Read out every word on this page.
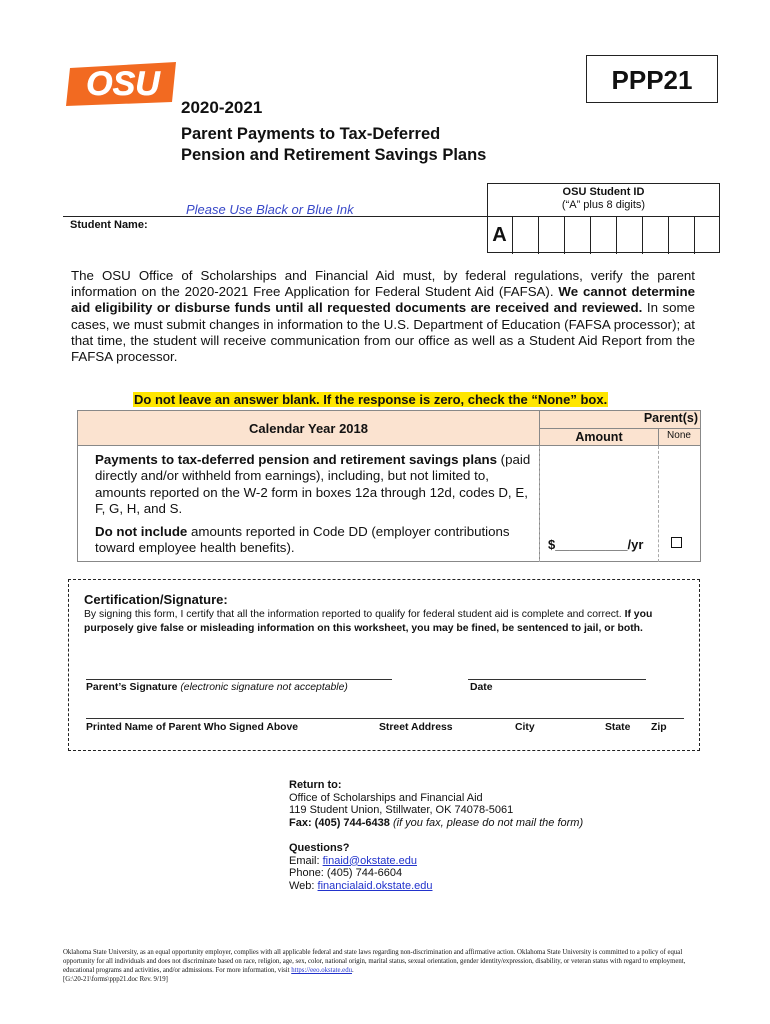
OSU	PPP21
2020-2021
Parent Payments to Tax-Deferred
Pension and Retirement Savings Plans
Please Use Black or Blue Ink
Student Name:
OSU Student ID
(“A” plus 8 digits)
A
The OSU Office of Scholarships and Financial Aid must, by federal regulations, verify the parent information on the 2020-2021 Free Application for Federal Student Aid (FAFSA). We cannot determine aid eligibility or disburse funds until all requested documents are received and reviewed. In some cases, we must submit changes in information to the U.S. Department of Education (FAFSA processor); at that time, the student will receive communication from our office as well as a Student Aid Report from the FAFSA processor.
Do not leave an answer blank. If the response is zero, check the “None” box.
Calendar Year 2018
Parent(s)
Amount	None
Payments to tax-deferred pension and retirement savings plans (paid directly and/or withheld from earnings), including, but not limited to, amounts reported on the W-2 form in boxes 12a through 12d, codes D, E, F, G, H, and S.
Do not include amounts reported in Code DD (employer contributions toward employee health benefits).	$__________/yr
Certification/Signature:
By signing this form, I certify that all the information reported to qualify for federal student aid is complete and correct. If you purposely give false or misleading information on this worksheet, you may be fined, be sentenced to jail, or both.
Parent’s Signature (electronic signature not acceptable)	Date
Printed Name of Parent Who Signed Above	Street Address	City	State Zip
Return to:
Office of Scholarships and Financial Aid
119 Student Union, Stillwater, OK 74078-5061
Fax: (405) 744-6438 (if you fax, please do not mail the form)
Questions?
Email: finaid@okstate.edu
Phone: (405) 744-6604
Web: financialaid.okstate.edu
Oklahoma State University, as an equal opportunity employer, complies with all applicable federal and state laws regarding non-discrimination and affirmative action. Oklahoma State University is committed to a policy of equal opportunity for all individuals and does not discriminate based on race, religion, age, sex, color, national origin, marital status, sexual orientation, gender identity/expression, disability, or veteran status with regard to employment, educational programs and activities, and/or admissions. For more information, visit https://eeo.okstate.edu.
[G:\20-21\forms\ppp21.doc Rev. 9/19]
